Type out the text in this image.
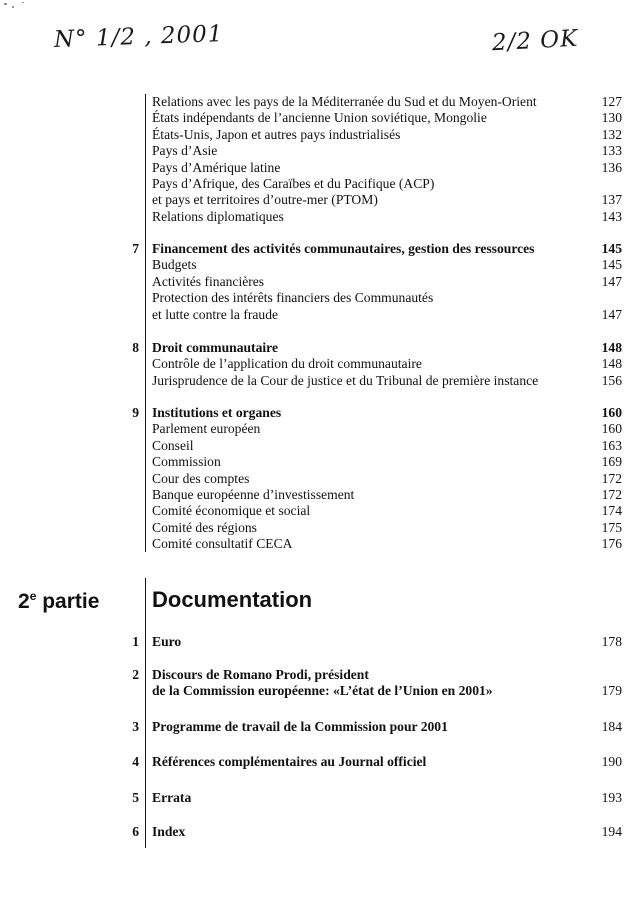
N° 1/2 , 2001	2/2 OK
Relations avec les pays de la Méditerranée du Sud et du Moyen-Orient	127
États indépendants de l’ancienne Union soviétique, Mongolie	130
États-Unis, Japon et autres pays industrialisés	132
Pays d’Asie	133
Pays d’Amérique latine	136
Pays d’Afrique, des Caraïbes et du Pacifique (ACP)
et pays et territoires d’outre-mer (PTOM)	137
Relations diplomatiques	143
7 Financement des activités communautaires, gestion des ressources	145
Budgets	145
Activités financières	147
Protection des intérêts financiers des Communautés
et lutte contre la fraude	147
8 Droit communautaire	148
Contrôle de l’application du droit communautaire	148
Jurisprudence de la Cour de justice et du Tribunal de première instance	156
9 Institutions et organes	160
Parlement européen	160
Conseil	163
Commission	169
Cour des comptes	172
Banque européenne d’investissement	172
Comité économique et social	174
Comité des régions	175
Comité consultatif CECA	176
2e partie Documentation
1 Euro	178
2 Discours de Romano Prodi, président
de la Commission européenne: «L’état de l’Union en 2001»	179
3 Programme de travail de la Commission pour 2001	184
4 Références complémentaires au Journal officiel	190
5 Errata	193
6 Index	194
